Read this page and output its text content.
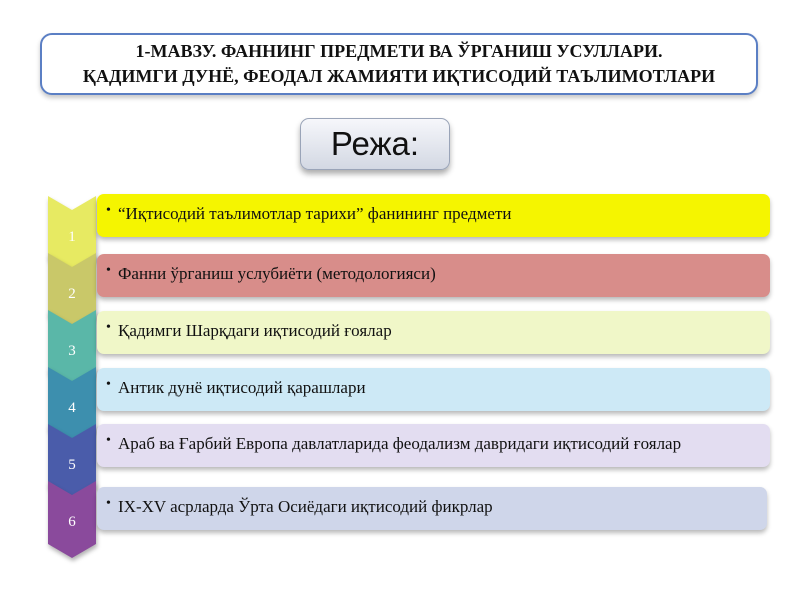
1-МАВЗУ. ФАННИНГ ПРЕДМЕТИ ВА ЎРГАНИШ УСУЛЛАРИ.
ҚАДИМГИ ДУНЁ, ФЕОДАЛ ЖАМИЯТИ ИҚТИСОДИЙ ТАЪЛИМОТЛАРИ
Режа:
1
• “Иқтисодий таълимотлар тарихи” фанининг предмети
2
• Фанни ўрганиш услубиёти (методологияси)
3
• Қадимги Шарқдаги иқтисодий ғоялар
4
• Антик дунё иқтисодий қарашлари
5
• Араб ва Ғарбий Европа давлатларида феодализм давридаги иқтисодий ғоялар
6
• IX-XV асрларда Ўрта Осиёдаги иқтисодий фикрлар
